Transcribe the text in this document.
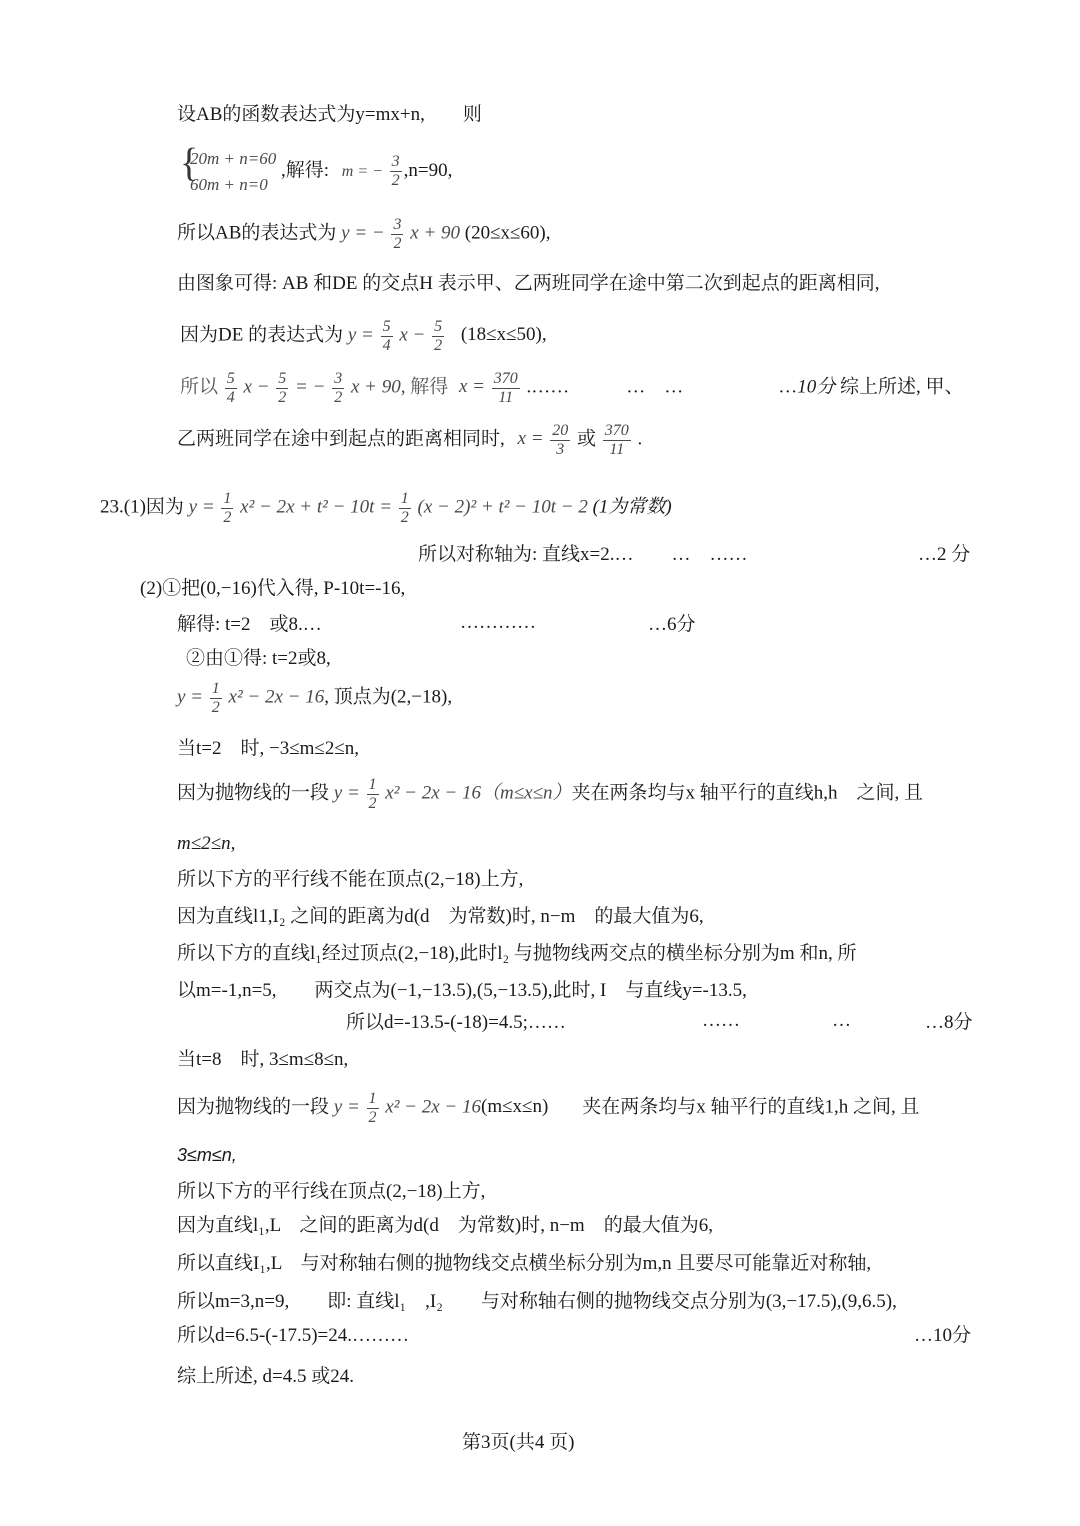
设AB的函数表达式为y=mx+n,　　则
{
20m + n=60
60m + n=0
,解得: m = − $\frac{3}{2} ,n=90$,
所以AB的表达式为 y = − $\frac{3}{2}$ x + 90 (20≤x≤60),
由图象可得: AB 和DE 的交点H 表示甲、乙两班同学在途中第二次到起点的距离相同,
因为DE 的表达式为 $y = \frac{5}{4}$ $x - \frac{5}{2} (18\le x\le 50)$,
所以 $\frac{5}{4}$ $x - \frac{5}{2}$ = − $\frac{3}{2}$ x + 90, 解得 $x = \frac{370}{11}$ .……　　　…　…　　　　　…10分 综上所述, 甲、
乙两班同学在途中到起点的距离相同时, $x = \frac{20}{3}$ 或 $\frac{370}{11}$ .
23.(1)因为 $y = \frac{1}{2} x^2 - 2x + t^2 - 10t = \frac{1}{2} (x - 2)^2 + t^2 - 10t - 2$ (1为常数)
所以对称轴为: 直线x=2.…　　…　……	…2 分
(2)①把(0,−16)代入得, P-10t=-16,
解得: t=2　或8.…	…………	…6分
②由①得: t=2或8,
$y = \frac{1}{2} x^2 - 2x - 16$, 顶点为(2,−18),
当t=2　时, −3≤m≤2≤n,
因为抛物线的一段 $y = \frac{1}{2} x^2 - 2x - 16(m\le x\le n)$夹在两条均与x 轴平行的直线h,h　之间, 且
m≤2≤n,
所以下方的平行线不能在顶点(2,−18)上方,
因为直线l1,I₂ 之间的距离为d(d　为常数)时, n−m　的最大值为6,
所以下方的直线l₁经过顶点(2,−18),此时l₂ 与抛物线两交点的横坐标分别为m 和n, 所
以m=-1,n=5,　　两交点为(−1,−13.5),(5,−13.5),此时, I　与直线y=-13.5,
所以d=-13.5-(-18)=4.5;……	……	…	…8分
当t=8　时, 3≤m≤8≤n,
因为抛物线的一段 $y = \frac{1}{2} x^2 - 2x - 16(m\le x\le n)$ 夹在两条均与x 轴平行的直线1,h 之间, 且
3≤m≤n,
所以下方的平行线在顶点(2,−18)上方,
因为直线l₁,L　之间的距离为d(d　为常数)时, n−m　的最大值为6,
所以直线I₁,L　与对称轴右侧的抛物线交点横坐标分别为m,n 且要尽可能靠近对称轴,
所以m=3,n=9,　　即: 直线l₁　,I₂　　与对称轴右侧的抛物线交点分别为(3,−17.5),(9,6.5),
所以d=6.5-(-17.5)=24.………	…10分
综上所述, d=4.5 或24.
第3页(共4 页)
